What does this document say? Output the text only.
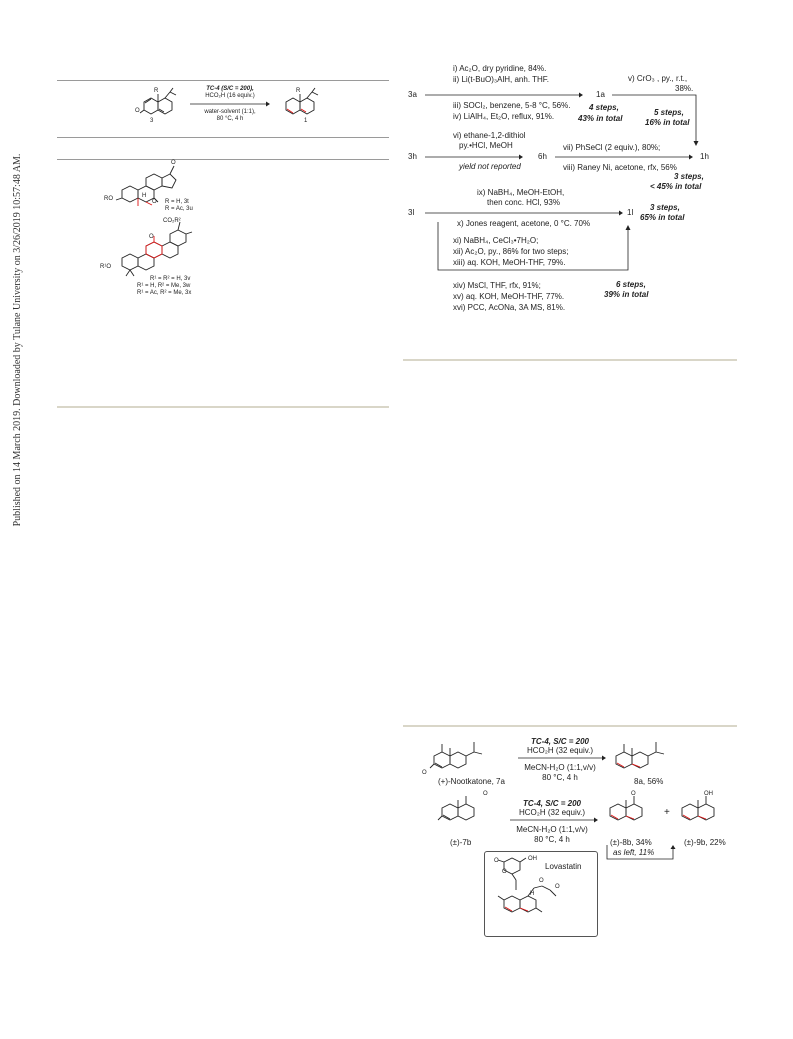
Published on 14 March 2019. Downloaded by Tulane University on 3/26/2019 10:57:48 AM.
O
R
3
TC-4 (S/C = 200),
HCO₂H (16 equiv.)
water-solvent (1:1),
80 °C, 4 h
R
1
O
RO	H
O R = H, 3t
R = Ac, 3u
CO₂R²
O
R¹O
R¹ = R² = H, 3v
R¹ = H, R² = Me, 3w
R¹ = Ac, R² = Me, 3x
i) Ac₂O, dry pyridine, 84%.
ii) Li(t-BuO)₃AlH, anh. THF.
3a	1a
iii) SOCl₂, benzene, 5-8 °C, 56%.
iv) LiAlH₄, Et₂O, reflux, 91%.
4 steps,
43% in total
v) CrO₃ , py., r.t.,
38%.
5 steps,
16% in total
vi) ethane-1,2-dithiol
py.•HCl, MeOH
3h
yield not reported
6h
vii) PhSeCl (2 equiv.), 80%;
1h
viii) Raney Ni, acetone, rfx, 56%
3 steps,
< 45% in total
ix) NaBH₄, MeOH-EtOH,
then conc. HCl, 93%
3l	1l
x) Jones reagent, acetone, 0 °C. 70%
3 steps,
65% in total
xi) NaBH₄, CeCl₃•7H₂O;
xii) Ac₂O, py., 86% for two steps;
xiii) aq. KOH, MeOH-THF, 79%.
xiv) MsCl, THF, rfx, 91%;
xv) aq. KOH, MeOH-THF, 77%.
xvi) PCC, AcONa, 3A MS, 81%.
6 steps,
39% in total
O
(+)-Nootkatone, 7a
TC-4, S/C = 200
HCO₂H (32 equiv.)
MeCN-H₂O (1:1,v/v)
80 °C, 4 h	8a, 56%
O
(±)-7b
TC-4, S/C = 200
HCO₂H (32 equiv.)
MeCN-H₂O (1:1,v/v)
80 °C, 4 h
O
(±)-8b, 34%
+
OH
(±)-9b, 22%
as left, 11%
Lovastatin
OH
O
O
O
O
H
